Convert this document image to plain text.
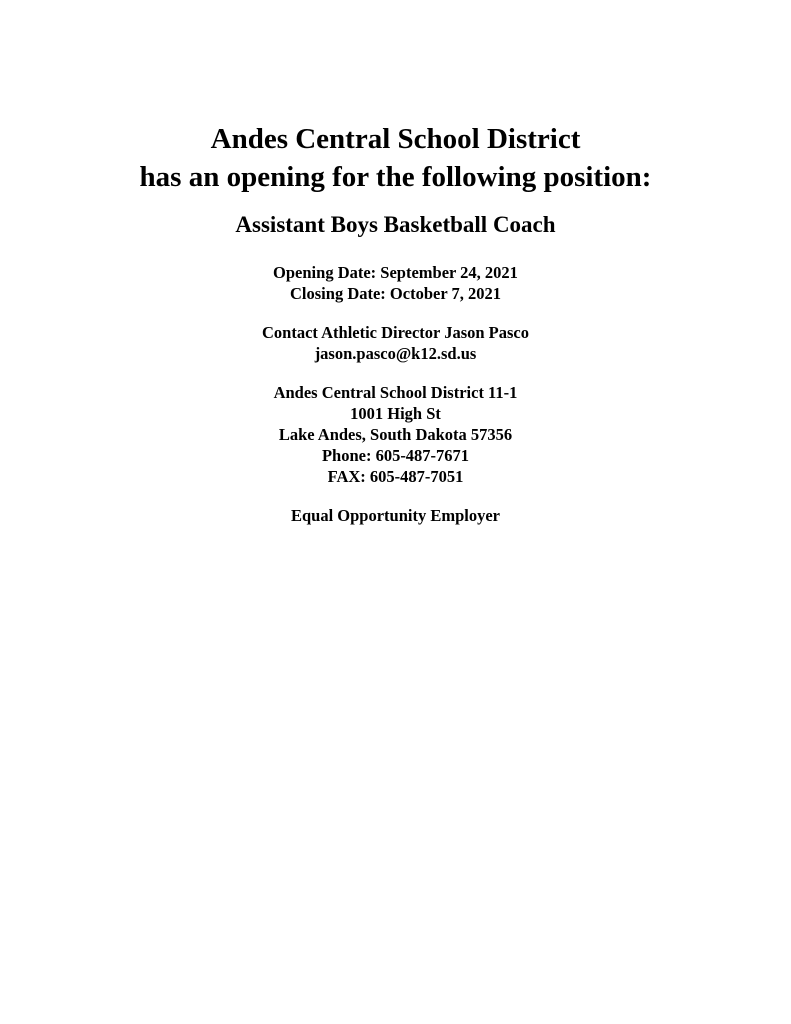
Andes Central School District
has an opening for the following position:
Assistant Boys Basketball Coach
Opening Date: September 24, 2021
Closing Date: October 7, 2021
Contact Athletic Director Jason Pasco
jason.pasco@k12.sd.us
Andes Central School District 11-1
1001 High St
Lake Andes, South Dakota 57356
Phone: 605-487-7671
FAX: 605-487-7051
Equal Opportunity Employer
